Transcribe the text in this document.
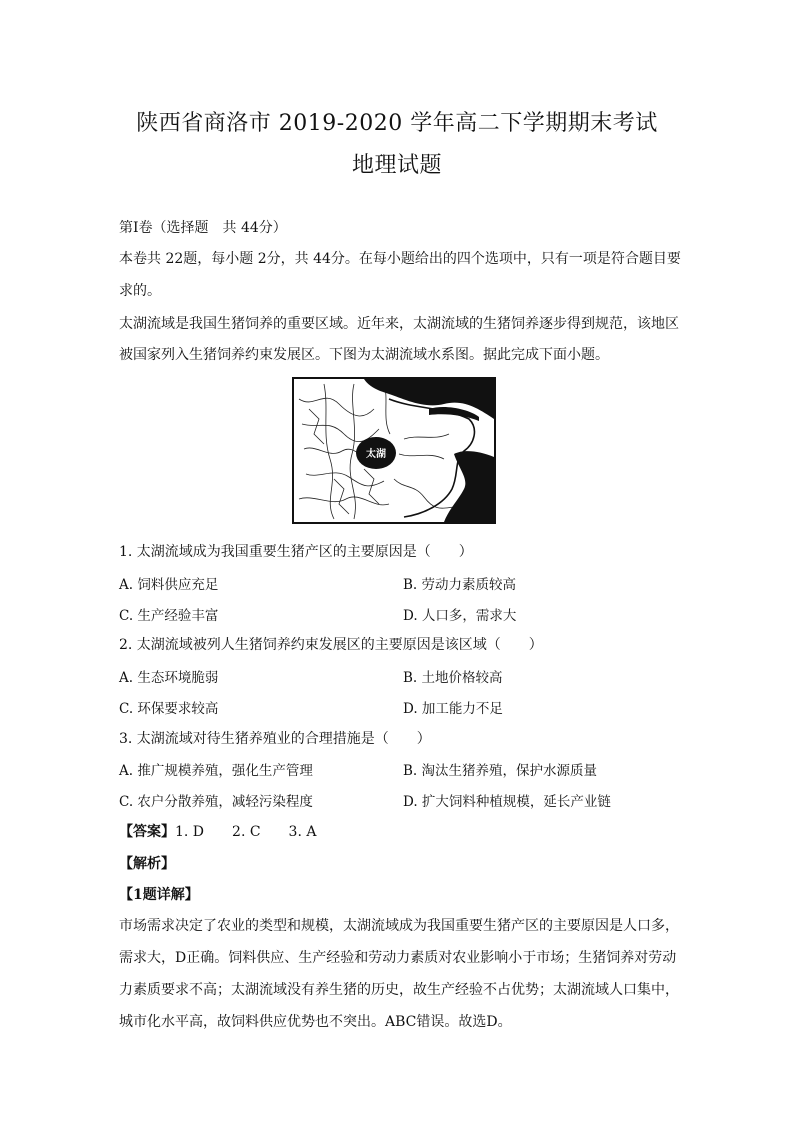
陕西省商洛市 2019-2020 学年高二下学期期末考试
地理试题
第Ⅰ卷（选择题　共 44分）
本卷共 22题，每小题 2分，共 44分。在每小题给出的四个选项中，只有一项是符合题目要
求的。
太湖流域是我国生猪饲养的重要区域。近年来，太湖流域的生猪饲养逐步得到规范，该地区
被国家列入生猪饲养约束发展区。下图为太湖流域水系图。据此完成下面小题。
太湖
1. 太湖流域成为我国重要生猪产区的主要原因是（　　）
A. 饲料供应充足	B. 劳动力素质较高
C. 生产经验丰富	D. 人口多，需求大
2. 太湖流域被列人生猪饲养约束发展区的主要原因是该区域（　　）
A. 生态环境脆弱	B. 土地价格较高
C. 环保要求较高	D. 加工能力不足
3. 太湖流域对待生猪养殖业的合理措施是（　　）
A. 推广规模养殖，强化生产管理	B. 淘汰生猪养殖，保护水源质量
C. 农户分散养殖，减轻污染程度	D. 扩大饲料种植规模，延长产业链
【答案】1. D　　2. C　　3. A
【解析】
【1题详解】
市场需求决定了农业的类型和规模，太湖流域成为我国重要生猪产区的主要原因是人口多，
需求大，D正确。饲料供应、生产经验和劳动力素质对农业影响小于市场；生猪饲养对劳动
力素质要求不高；太湖流域没有养生猪的历史，故生产经验不占优势；太湖流域人口集中，
城市化水平高，故饲料供应优势也不突出。ABC错误。故选D。
